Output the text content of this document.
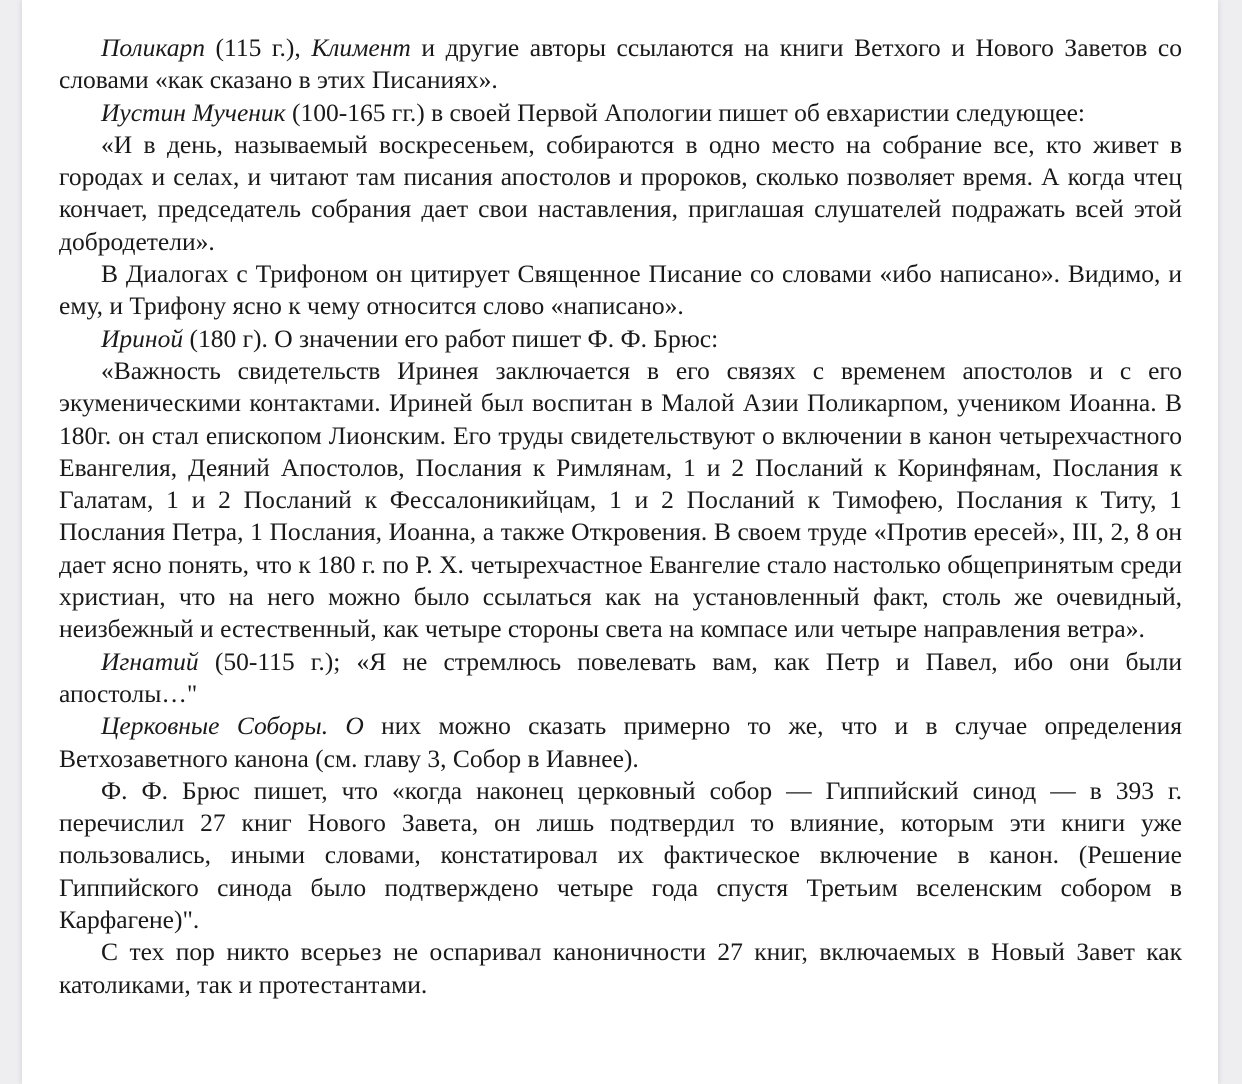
Поликарп (115 г.), Климент и другие авторы ссылаются на книги Ветхого и Нового Заветов со словами «как сказано в этих Писаниях».

Иустин Мученик (100-165 гг.) в своей Первой Апологии пишет об евхаристии следующее:

«И в день, называемый воскресеньем, собираются в одно место на собрание все, кто живет в городах и селах, и читают там писания апостолов и пророков, сколько позволяет время. А когда чтец кончает, председатель собрания дает свои наставления, приглашая слушателей подражать всей этой добродетели».

В Диалогах с Трифоном он цитирует Священное Писание со словами «ибо написано». Видимо, и ему, и Трифону ясно к чему относится слово «написано».

Ириной (180 г). О значении его работ пишет Ф. Ф. Брюс:

«Важность свидетельств Иринея заключается в его связях с временем апостолов и с его экуменическими контактами. Ириней был воспитан в Малой Азии Поликарпом, учеником Иоанна. В 180г. он стал епископом Лионским. Его труды свидетельствуют о включении в канон четырехчастного Евангелия, Деяний Апостолов, Послания к Римлянам, 1 и 2 Посланий к Коринфянам, Послания к Галатам, 1 и 2 Посланий к Фессалоникийцам, 1 и 2 Посланий к Тимофею, Послания к Титу, 1 Послания Петра, 1 Послания, Иоанна, а также Откровения. В своем труде «Против ересей», III, 2, 8 он дает ясно понять, что к 180 г. по Р. Х. четырехчастное Евангелие стало настолько общепринятым среди христиан, что на него можно было ссылаться как на установленный факт, столь же очевидный, неизбежный и естественный, как четыре стороны света на компасе или четыре направления ветра».

Игнатий (50-115 г.); «Я не стремлюсь повелевать вам, как Петр и Павел, ибо они были апостолы…"

Церковные Соборы. О них можно сказать примерно то же, что и в случае определения Ветхозаветного канона (см. главу 3, Собор в Иавнее).

Ф. Ф. Брюс пишет, что «когда наконец церковный собор — Гиппийский синод — в 393 г. перечислил 27 книг Нового Завета, он лишь подтвердил то влияние, которым эти книги уже пользовались, иными словами, констатировал их фактическое включение в канон. (Решение Гиппийского синода было подтверждено четыре года спустя Третьим вселенским собором в Карфагене)".

С тех пор никто всерьез не оспаривал каноничности 27 книг, включаемых в Новый Завет как католиками, так и протестантами.
